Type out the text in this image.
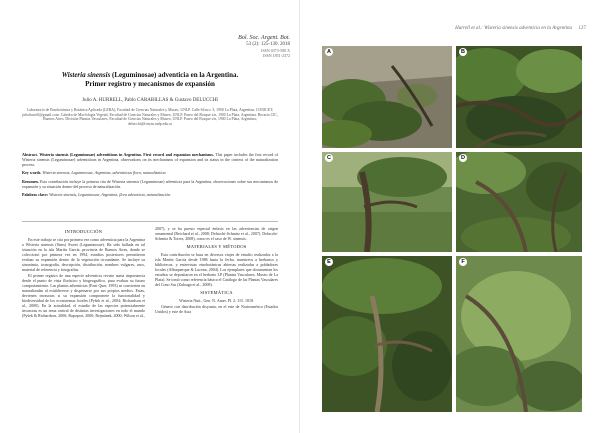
Bol. Soc. Argent. Bot.
53 (2): 125-130. 2018
ISSN 0373-580 X
ISSN 1851-2372
Wisteria sinensis (Leguminosae) adventicia en la Argentina.
Primer registro y mecanismos de expansión
Julio A. HURRELL, Pablo CARABILLAS & Gustavo DELUCCHI
Laboratorio de Etnobotánica y Botánica Aplicada (LEBA), Facultad de Ciencias Naturales y Museo, UNLP. Calle 64 nro. 3, 1900 La Plata, Argentina. CONICET; juliohurrell@gmail.com. Cátedra de Morfología Vegetal, Facultad de Ciencias Naturales y Museo, UNLP. Paseo del Bosque s/n, 1900 La Plata, Argentina. Becario CIC, Buenos Aires. División Plantas Vasculares, Facultad de Ciencias Naturales y Museo, UNLP. Paseo del Bosque s/n, 1900 La Plata, Argentina; delucchi@fcnym.unlp.edu.ar
Abstract. Wisteria sinensis (Leguminosae) adventitious in Argentina. First record and expansion mechanisms. This paper includes the first record of Wisteria sinensis (Leguminosae) adventitious in Argentina, observations on its mechanisms of expansion and its status in the context of the naturalization process.
Key words. Wisteria sinensis, Leguminosae, Argentina, adventitious flora, naturalization.
Resumen. Esta contribución incluye la primera cita de Wisteria sinensis (Leguminosae) adventicia para la Argentina, observaciones sobre sus mecanismos de expansión y su situación dentro del proceso de naturalización.
Palabras clave: Wisteria sinensis, Leguminosae, Argentina, flora adventicia, naturalización.
INTRODUCCIÓN

En este trabajo se cita por primera vez como adventicia para la Argentina a Wisteria sinensis (Sims) Sweet (Leguminosae). Ha sido hallada en tal situación en la isla Martín García, provincia de Buenos Aires, donde se coleccionó por primera vez en 1994, estudios posteriores permitieron evaluar su expansión dentro de la vegetación circundante. Se incluye su sinonimia, iconografía, descripción, distribución, nombres vulgares, usos, material de referencia y fotografías.

El primer registro de una especie adventicia reviste suma importancia desde el punto de vista florístico y biogeográfico, para evaluar su futuro comportamiento. Las plantas adventicias (Font Quer, 1993) se convierten en naturalizadas al establecerse y dispersarse por sus propios medios. Estas, devienen invasoras si su expansión compromete la funcionalidad y biodiversidad de los ecosistemas locales (Pyšek et al., 2004; Richardson et al., 2000). En la actualidad, el estudio de las especies potencialmente invasoras es un tema central de distintas investigaciones en todo el mundo (Pyšek & Richardson, 2006; Rapoport, 2000; Rejmánek, 2000; Wilson et al.,

2007), y se ha puesto especial énfasis en las advertencias de origen ornamental (Reichard et al., 2008; Delucchi-Schmitz et al., 2007). Delucchi-Schmitz & Torres, 2008), como es el caso de W. sinensis.

MATERIALES Y MÉTODOS

Esta contribución se basa en diversos viajes de estudio realizados a la isla Martín García desde 1986 hasta la fecha, muestreos a herbarios y bibliotecas, y entrevistas etnobotánicas abiertas realizadas a pobladores locales (Albuquerque & Lucena, 2004). Los ejemplares que documentan los estudios se depositaron en el herbario LP (Plantas Vasculares, Museo de La Plata). Se tomó como referencia básica el Catálogo de las Plantas Vasculares del Cono Sur (Zuloaga et al., 2008).

SISTEMÁTICA

Wisteria Nutt., Gen. N. Amer. Pl. 2: 115. 1818.

Género con distribución disyunta, en el este de Norteamérica (Estados Unidos) y este de Asia

Hurrell et al.: Wisteria sinensis adventicia en la Argentina 127
A	B
C	D
E	F
